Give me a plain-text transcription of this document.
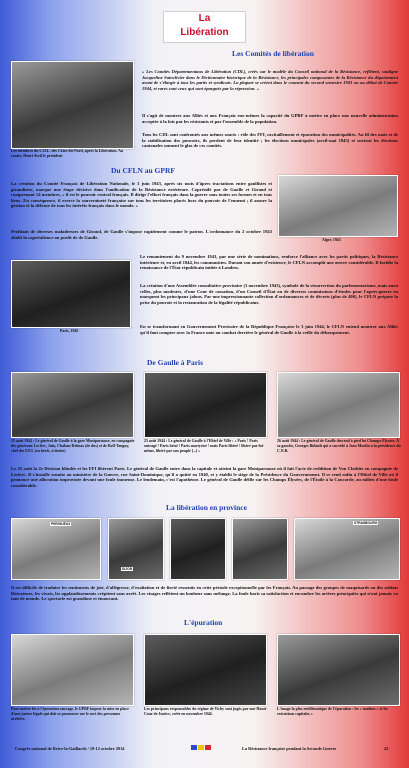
La
Libération
Les Comités de libération
Les membres du C.D.L. des Côtes-du-Nord, après la Libération. Au centre, Henri Avril le président
« Les Comités Départementaux de Libération (CDL), créés sur le modèle du Conseil national de la Résistance, reflètent, souligne Jacqueline Sainclivier dans le Dictionnaire historique de la Résistance, les principales composantes de la Résistance du département avant de s'élargir à tous les partis et syndicats. La plupart se créent dans le courant du second semestre 1943 ou au début de l'année 1944, et rares sont ceux qui sont épargnés par la répression. »
Il s'agit de montrer aux Alliés et aux Français eux-mêmes la capacité du GPRF à mettre en place une nouvelle administration acceptée à la fois par les résistants et par l'ensemble de la population.
Tous les CDL sont confrontés aux mêmes soucis : rôle des FFI, ravitaillement et épuration des municipalités. Au fil des mois et de la stabilisation des pouvoirs, ils perdent de leur identité ; les élections municipales (avril-mai 1945) et surtout les élections cantonales sonnent le glas de ces comités.
Du CFLN au GPRF
La création du Comité Français de Libération Nationale, le 3 juin 1943, après six mois d'âpres tractations entre gaullistes et giraudistes, marque une étape décisive dans l'unification de la Résistance extérieure. Coprésidé par de Gaulle et Giraud et comprenant 14 membres, « il est le pouvoir central français. Il dirige l'effort français dans la guerre sous toutes ses formes et en tous lieux. En conséquence, il exerce la souveraineté française sur tous les territoires placés hors du pouvoir de l'ennemi ; il assure la gestion et la défense de tous les intérêts français dans le monde. »
Profitant de diverses maladresses de Giraud, de Gaulle s'impose rapidement comme le patron. L'ordonnance du 2 octobre 1943 abolit la coprésidence au profit de de Gaulle.
Alger, 1943
Paris, 1945
Le remaniement du 9 novembre 1943, par une série de nominations, renforce l'alliance avec les partis politiques, la Résistance intérieure et, en avril 1944, les communistes. Durant son année d'existence, le CFLN accomplit une œuvre considérable. Il fortifie la renaissance de l'État républicain initiée à Londres.
La création d'une Assemblée consultative provisoire (3 novembre 1943), symbole de la résurrection du parlementarisme, mais aussi celles, plus modestes, d'une Cour de cassation, d'un Conseil d'État ou de diverses commissions d'études pour l'après-guerre en marquent les principaux jalons. Par une impressionnante collection d'ordonnances et de décrets (plus de 400), le CFLN prépare la prise du pouvoir et la restauration de la légalité républicaine.
En se transformant en Gouvernement Provisoire de la République Française le 3 juin 1944, le CFLN entend montrer aux Alliés qu'il faut compter avec la France unie au combat derrière le général de Gaulle à la veille du débarquement.
De Gaulle à Paris
25 août 1944 : Le général de Gaulle à la gare Montparnasse, en compagnie des généraux Leclerc, Juin, Chaban-Delmas (de dos) et de Roll-Tanguy, chef des F.F.I. (en bérêt, à droite)
25 août 1944 : Le général de Gaulle à l'Hôtel de Ville : « Paris ! Paris outragé ! Paris brisé ! Paris martyrisé ! mais Paris libéré ! libéré par lui-même, libéré par son peuple [...] »
26 août 1944 : Le général de Gaulle descend à pied les Champs-Élysées. À sa gauche, Georges Bidault qui a succédé à Jean Moulin à la présidence du C.N.R.
Le 25 août la 2e Division blindée et les FFI libèrent Paris. Le général de Gaulle entre dans la capitale et atteint la gare Montparnasse où il fait l'acte de reddition de Von Choltitz en compagnie de Leclerc. Il s'installe ensuite au ministère de la Guerre, rue Saint-Dominique, qu'il a quitté en 1940, et y établit le siège de la Présidence du Gouvernement. Il se rend enfin à l'Hôtel de Ville où il prononce une allocution improvisée devant une foule immense. Le lendemain, c'est l'apothéose. Le général de Gaulle défile sur les Champs Élysées, de l'Étoile à la Concorde, au milieu d'une foule considérable.
La libération en province
PERIGUEUX
DIJON
STRASBOURG
Il est difficile de traduire les sentiments de joie, d'allégresse, d'exaltation et de fierté ressentis en cette période exceptionnelle par les Français. Au passage des groupes de maquisards ou des soldats libérateurs, les vivats, les applaudissements crépitent sans arrêt. Les visages reflètent un bonheur sans mélange. La foule baris sa satisfaction et encombre les artères principales qui n'ont jamais vu tant de monde. Le spectacle est grandiose et émouvant.
L'épuration
Pour mettre fin à l'épuration sauvage, le GPRF impose la mise en place d'une justice légale qui doit se prononcer sur le sort des personnes arrêtées.
Les principaux responsables du régime de Vichy sont jugés par une Haute Cour de Justice, créée en novembre 1944.
L'image la plus emblématique de l'épuration : les « tondues » et les exécutions capitales »
Congrès national de Brive-la-Gaillarde / 10-12 octobre 2014	La Résistance française pendant la Seconde Guerre	22
